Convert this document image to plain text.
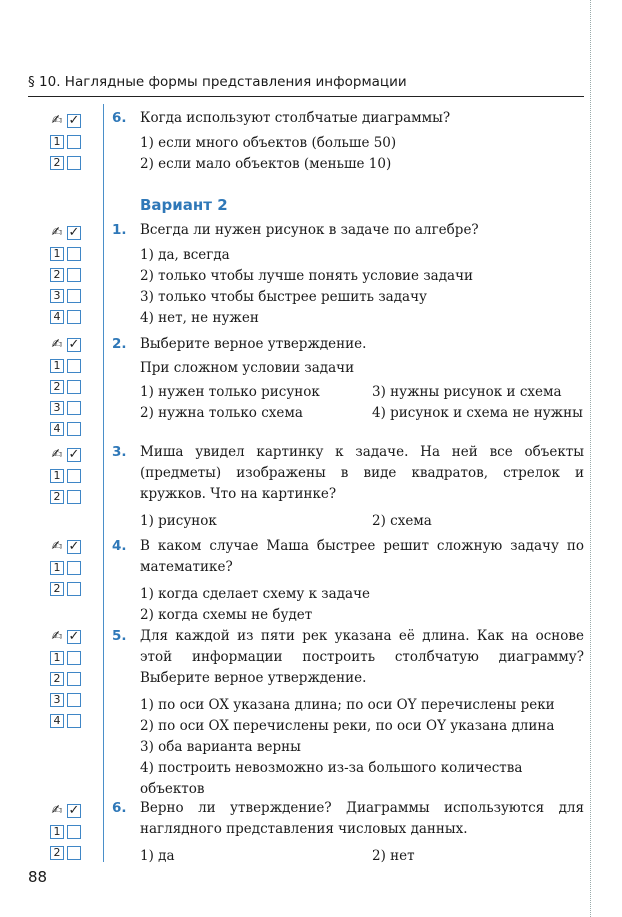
§ 10. Наглядные формы представления информации
✍ ✓
1
2
✍ ✓
1
2
3
4
✍ ✓
1
2
3
4
✍ ✓
1
2
✍ ✓
1
2
✍ ✓
1
2
3
4
✍ ✓
1
2
6. Когда используют столбчатые диаграммы?
1) если много объектов (больше 50)
2) если мало объектов (меньше 10)
Вариант 2
1. Всегда ли нужен рисунок в задаче по алгебре?
1) да, всегда
2) только чтобы лучше понять условие задачи
3) только чтобы быстрее решить задачу
4) нет, не нужен
2. Выберите верное утверждение.
При сложном условии задачи
1) нужен только рисунок	3) нужны рисунок и схема
2) нужна только схема	4) рисунок и схема не нужны
3. Миша увидел картинку к задаче. На ней все объекты (предметы) изображены в виде квадратов, стрелок и кружков. Что на картинке?
1) рисунок	2) схема
4. В каком случае Маша быстрее решит сложную задачу по математике?
1) когда сделает схему к задаче
2) когда схемы не будет
5. Для каждой из пяти рек указана её длина. Как на основе этой информации построить столбчатую диаграмму? Выберите верное утверждение.
1) по оси OX указана длина; по оси OY перечислены реки
2) по оси OX перечислены реки, по оси OY указана длина
3) оба варианта верны
4) построить невозможно из-за большого количества объектов
6. Верно ли утверждение? Диаграммы используются для наглядного представления числовых данных.
1) да	2) нет
88
